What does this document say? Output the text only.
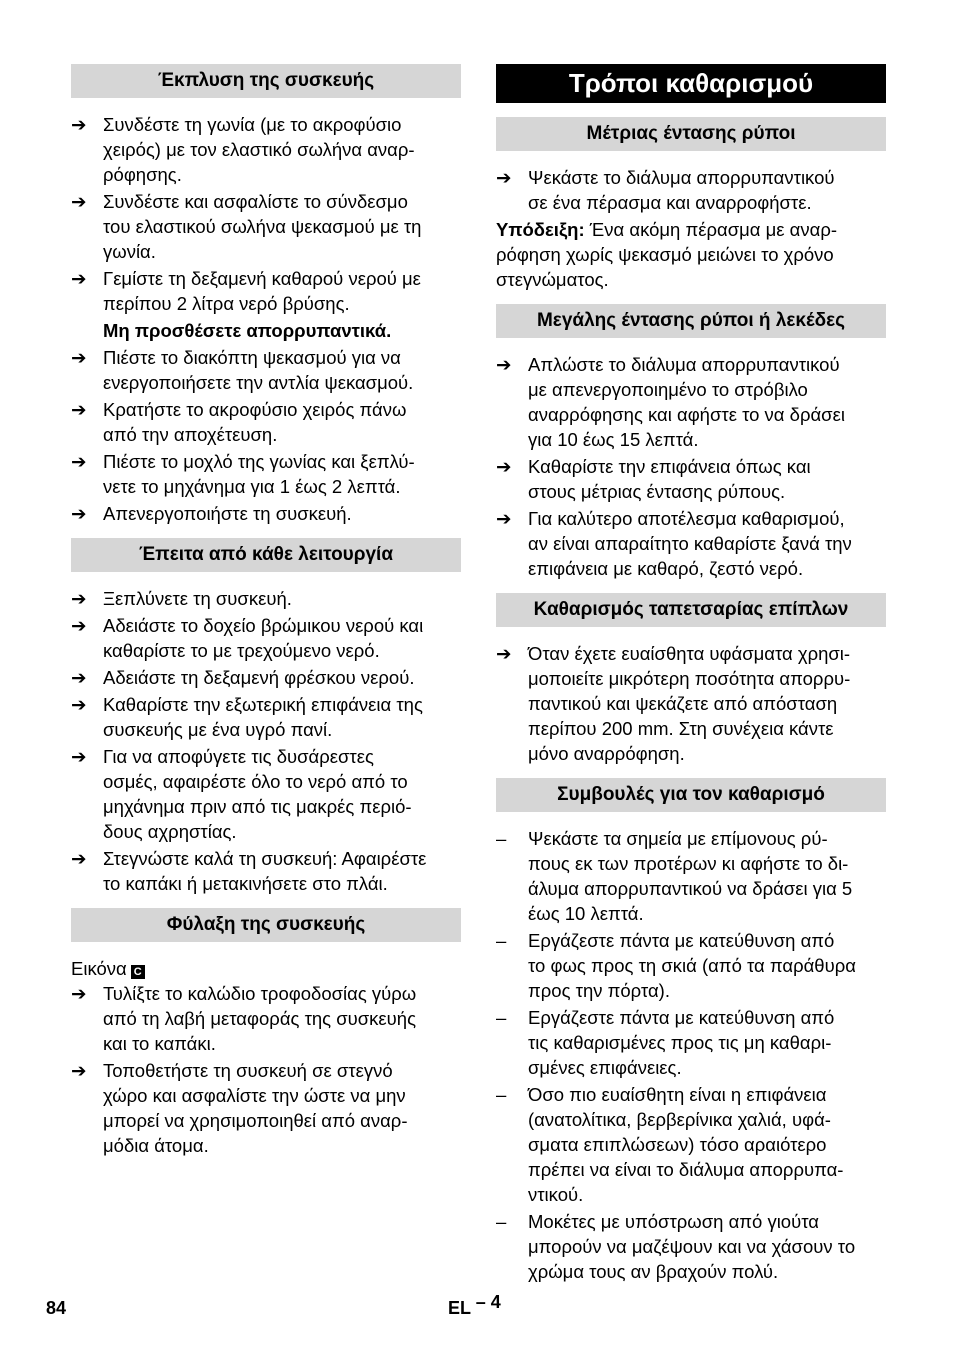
Έκπλυση της συσκευής
➔ Συνδέστε τη γωνία (με το ακροφύσιο
χειρός) με τον ελαστικό σωλήνα αναρ-
ρόφησης.
➔ Συνδέστε και ασφαλίστε το σύνδεσμο
του ελαστικού σωλήνα ψεκασμού με τη
γωνία.
➔ Γεμίστε τη δεξαμενή καθαρού νερού με
περίπου 2 λίτρα νερό βρύσης.
Μη προσθέσετε απορρυπαντικά.
➔ Πιέστε το διακόπτη ψεκασμού για να
ενεργοποιήσετε την αντλία ψεκασμού.
➔ Κρατήστε το ακροφύσιο χειρός πάνω
από την αποχέτευση.
➔ Πιέστε το μοχλό της γωνίας και ξεπλύ-
νετε το μηχάνημα για 1 έως 2 λεπτά.
➔ Απενεργοποιήστε τη συσκευή.
Έπειτα από κάθε λειτουργία
➔ Ξεπλύνετε τη συσκευή.
➔ Αδειάστε το δοχείο βρώμικου νερού και
καθαρίστε το με τρεχούμενο νερό.
➔ Αδειάστε τη δεξαμενή φρέσκου νερού.
➔ Καθαρίστε την εξωτερική επιφάνεια της
συσκευής με ένα υγρό πανί.
➔ Για να αποφύγετε τις δυσάρεστες
οσμές, αφαιρέστε όλο το νερό από το
μηχάνημα πριν από τις μακρές περιό-
δους αχρηστίας.
➔ Στεγνώστε καλά τη συσκευή: Αφαιρέστε
το καπάκι ή μετακινήσετε στο πλάι.
Φύλαξη της συσκευής
Εικόνα C
➔ Τυλίξτε το καλώδιο τροφοδοσίας γύρω
από τη λαβή μεταφοράς της συσκευής
και το καπάκι.
➔ Τοποθετήστε τη συσκευή σε στεγνό
χώρο και ασφαλίστε την ώστε να μην
μπορεί να χρησιμοποιηθεί από αναρ-
μόδια άτομα.
Τρόποι καθαρισμού
Μέτριας έντασης ρύποι
➔ Ψεκάστε το διάλυμα απορρυπαντικού
σε ένα πέρασμα και αναρροφήστε.
Υπόδειξη: Ένα ακόμη πέρασμα με αναρ-
ρόφηση χωρίς ψεκασμό μειώνει το χρόνο
στεγνώματος.
Μεγάλης έντασης ρύποι ή λεκέδες
➔ Απλώστε το διάλυμα απορρυπαντικού
με απενεργοποιημένο το στρόβιλο
αναρρόφησης και αφήστε το να δράσει
για 10 έως 15 λεπτά.
➔ Καθαρίστε την επιφάνεια όπως και
στους μέτριας έντασης ρύπους.
➔ Για καλύτερο αποτέλεσμα καθαρισμού,
αν είναι απαραίτητο καθαρίστε ξανά την
επιφάνεια με καθαρό, ζεστό νερό.
Καθαρισμός ταπετσαρίας επίπλων
➔ Όταν έχετε ευαίσθητα υφάσματα χρησι-
μοποιείτε μικρότερη ποσότητα απορρυ-
παντικού και ψεκάζετε από απόσταση
περίπου 200 mm. Στη συνέχεια κάντε
μόνο αναρρόφηση.
Συμβουλές για τον καθαρισμό
–	Ψεκάστε τα σημεία με επίμονους ρύ-
πους εκ των προτέρων κι αφήστε το δι-
άλυμα απορρυπαντικού να δράσει για 5
έως 10 λεπτά.
–	Εργάζεστε πάντα με κατεύθυνση από
το φως προς τη σκιά (από τα παράθυρα
προς την πόρτα).
–	Εργάζεστε πάντα με κατεύθυνση από
τις καθαρισμένες προς τις μη καθαρι-
σμένες επιφάνειες.
–	Όσο πιο ευαίσθητη είναι η επιφάνεια
(ανατολίτικα, βερβερίνικα χαλιά, υφά-
σματα επιπλώσεων) τόσο αραιότερο
πρέπει να είναι το διάλυμα απορρυπα-
ντικού.
–	Μοκέτες με υπόστρωση από γιούτα
μπορούν να μαζέψουν και να χάσουν το
χρώμα τους αν βραχούν πολύ.
84	EL – 4
